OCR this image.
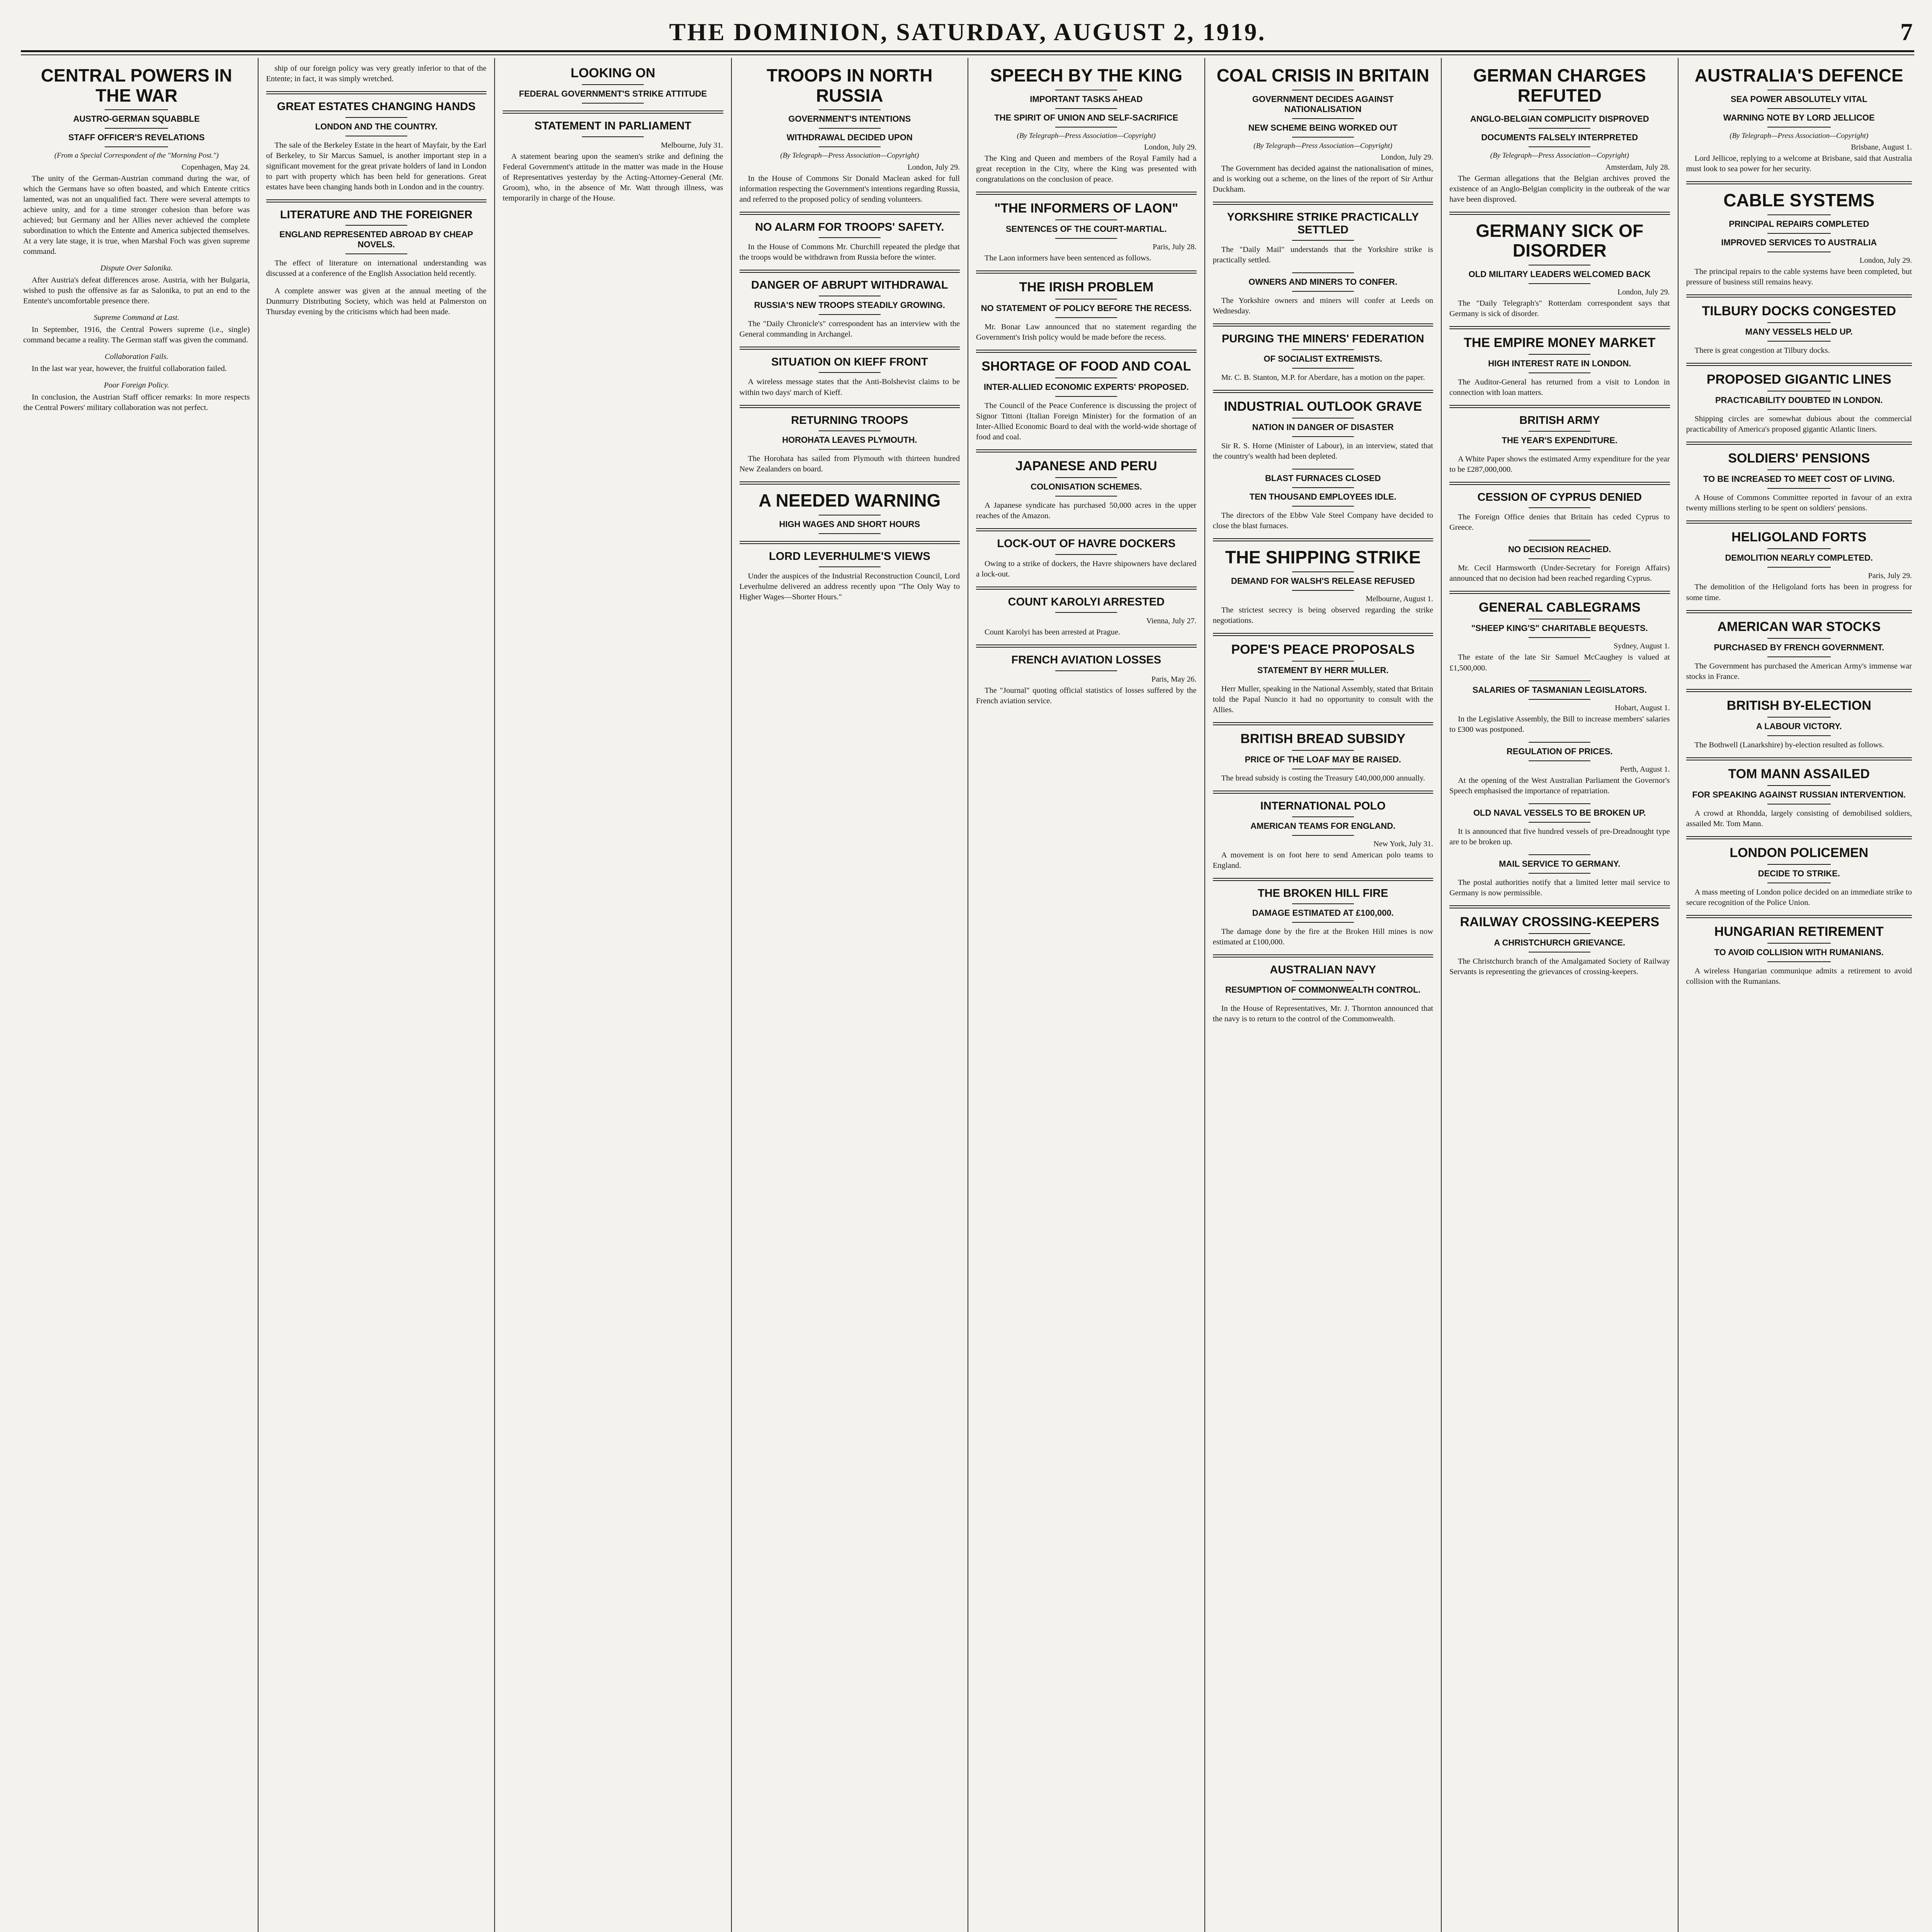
THE DOMINION, SATURDAY, AUGUST 2, 1919.	7
CENTRAL POWERS IN THE WAR
AUSTRO-GERMAN SQUABBLE
STAFF OFFICER'S REVELATIONS
(From a Special Correspondent of the "Morning Post.")
Copenhagen, May 24.

The unity of the German-Austrian command during the war, of which the Germans have so often boasted, and which Entente critics lamented, was not an unqualified fact. There were several attempts to achieve unity, and for a time stronger cohesion than before was achieved; but Germany and her Allies never achieved the complete subordination to which the Entente and America subjected themselves. At a very late stage, it is true, when Marshal Foch was given supreme command.

Dispute Over Salonika.

After Austria's defeat differences arose. Austria, with her Bulgaria, wished to push the offensive as far as Salonika, to put an end to the Entente's uncomfortable presence there.

Supreme Command at Last.

In September, 1916, the Central Powers supreme (i.e., single) command became a reality. The German staff was given the command.

Collaboration Fails.

In the last war year, however, the fruitful collaboration failed.

Poor Foreign Policy.

In conclusion, the Austrian Staff officer remarks: In more respects the Central Powers' military collaboration was not perfect.

ship of our foreign policy was very greatly inferior to that of the Entente; in fact, it was simply wretched.

GREAT ESTATES CHANGING HANDS
LONDON AND THE COUNTRY.

The sale of the Berkeley Estate in the heart of Mayfair, by the Earl of Berkeley, to Sir Marcus Samuel, is another important step in a significant movement for the great private holders of land in London to part with property which has been held for generations. Great estates have been changing hands both in London and in the country.

LITERATURE AND THE FOREIGNER
ENGLAND REPRESENTED ABROAD BY CHEAP NOVELS.

The effect of literature on international understanding was discussed at a conference of the English Association held recently.

A complete answer was given at the annual meeting of the Dunmurry Distributing Society, which was held at Palmerston on Thursday evening by the criticisms which had been made.

LOOKING ON
FEDERAL GOVERNMENT'S STRIKE ATTITUDE
STATEMENT IN PARLIAMENT
Melbourne, July 31.

A statement bearing upon the seamen's strike and defining the Federal Government's attitude in the matter was made in the House of Representatives yesterday by the Acting-Attorney-General (Mr. Groom), who, in the absence of Mr. Watt through illness, was temporarily in charge of the House.

TROOPS IN NORTH RUSSIA
GOVERNMENT'S INTENTIONS
WITHDRAWAL DECIDED UPON
(By Telegraph—Press Association—Copyright)
London, July 29.

In the House of Commons Sir Donald Maclean asked for full information respecting the Government's intentions regarding Russia, and referred to the proposed policy of sending volunteers.

NO ALARM FOR TROOPS' SAFETY.

In the House of Commons Mr. Churchill repeated the pledge that the troops would be withdrawn from Russia before the winter.

DANGER OF ABRUPT WITHDRAWAL
RUSSIA'S NEW TROOPS STEADILY GROWING.

The "Daily Chronicle's" correspondent has an interview with the General commanding in Archangel.

SITUATION ON KIEFF FRONT

A wireless message states that the Anti-Bolshevist claims to be within two days' march of Kieff.

RETURNING TROOPS
HOROHATA LEAVES PLYMOUTH.

The Horohata has sailed from Plymouth with thirteen hundred New Zealanders on board.

A NEEDED WARNING
HIGH WAGES AND SHORT HOURS
LORD LEVERHULME'S VIEWS

Under the auspices of the Industrial Reconstruction Council, Lord Leverhulme delivered an address recently upon "The Only Way to Higher Wages—Shorter Hours."

SPEECH BY THE KING
IMPORTANT TASKS AHEAD
THE SPIRIT OF UNION AND SELF-SACRIFICE
(By Telegraph—Press Association—Copyright)
London, July 29.

The King and Queen and members of the Royal Family had a great reception in the City, where the King was presented with congratulations on the conclusion of peace.

"THE INFORMERS OF LAON"
SENTENCES OF THE COURT-MARTIAL.
Paris, July 28.

The Laon informers have been sentenced as follows.

THE IRISH PROBLEM
NO STATEMENT OF POLICY BEFORE THE RECESS.

Mr. Bonar Law announced that no statement regarding the Government's Irish policy would be made before the recess.

SHORTAGE OF FOOD AND COAL
INTER-ALLIED ECONOMIC EXPERTS' PROPOSED.

The Council of the Peace Conference is discussing the project of Signor Tittoni (Italian Foreign Minister) for the formation of an Inter-Allied Economic Board to deal with the world-wide shortage of food and coal.

JAPANESE AND PERU
COLONISATION SCHEMES.

A Japanese syndicate has purchased 50,000 acres in the upper reaches of the Amazon.

LOCK-OUT OF HAVRE DOCKERS

Owing to a strike of dockers, the Havre shipowners have declared a lock-out.

COUNT KAROLYI ARRESTED
Vienna, July 27.

Count Karolyi has been arrested at Prague.

FRENCH AVIATION LOSSES
Paris, May 26.

The "Journal" quoting official statistics of losses suffered by the French aviation service.

COAL CRISIS IN BRITAIN
GOVERNMENT DECIDES AGAINST NATIONALISATION
NEW SCHEME BEING WORKED OUT
(By Telegraph—Press Association—Copyright)
London, July 29.

The Government has decided against the nationalisation of mines, and is working out a scheme, on the lines of the report of Sir Arthur Duckham.

YORKSHIRE STRIKE PRACTICALLY SETTLED

The "Daily Mail" understands that the Yorkshire strike is practically settled.

OWNERS AND MINERS TO CONFER.

The Yorkshire owners and miners will confer at Leeds on Wednesday.

PURGING THE MINERS' FEDERATION
OF SOCIALIST EXTREMISTS.

Mr. C. B. Stanton, M.P. for Aberdare, has a motion on the paper.

INDUSTRIAL OUTLOOK GRAVE
NATION IN DANGER OF DISASTER

Sir R. S. Horne (Minister of Labour), in an interview, stated that the country's wealth had been depleted.

BLAST FURNACES CLOSED
TEN THOUSAND EMPLOYEES IDLE.

The directors of the Ebbw Vale Steel Company have decided to close the blast furnaces.

THE SHIPPING STRIKE
DEMAND FOR WALSH'S RELEASE REFUSED
Melbourne, August 1.

The strictest secrecy is being observed regarding the strike negotiations.

POPE'S PEACE PROPOSALS
STATEMENT BY HERR MULLER.

Herr Muller, speaking in the National Assembly, stated that Britain told the Papal Nuncio it had no opportunity to consult with the Allies.

BRITISH BREAD SUBSIDY
PRICE OF THE LOAF MAY BE RAISED.

The bread subsidy is costing the Treasury £40,000,000 annually.

INTERNATIONAL POLO
AMERICAN TEAMS FOR ENGLAND.
New York, July 31.

A movement is on foot here to send American polo teams to England.

THE BROKEN HILL FIRE
DAMAGE ESTIMATED AT £100,000.

The damage done by the fire at the Broken Hill mines is now estimated at £100,000.

AUSTRALIAN NAVY
RESUMPTION OF COMMONWEALTH CONTROL.

In the House of Representatives, Mr. J. Thornton announced that the navy is to return to the control of the Commonwealth.

GERMAN CHARGES REFUTED
ANGLO-BELGIAN COMPLICITY DISPROVED
DOCUMENTS FALSELY INTERPRETED
(By Telegraph—Press Association—Copyright)
Amsterdam, July 28.

The German allegations that the Belgian archives proved the existence of an Anglo-Belgian complicity in the outbreak of the war have been disproved.

GERMANY SICK OF DISORDER
OLD MILITARY LEADERS WELCOMED BACK
London, July 29.

The "Daily Telegraph's" Rotterdam correspondent says that Germany is sick of disorder.

THE EMPIRE MONEY MARKET
HIGH INTEREST RATE IN LONDON.

The Auditor-General has returned from a visit to London in connection with loan matters.

BRITISH ARMY
THE YEAR'S EXPENDITURE.

A White Paper shows the estimated Army expenditure for the year to be £287,000,000.

CESSION OF CYPRUS DENIED

The Foreign Office denies that Britain has ceded Cyprus to Greece.

NO DECISION REACHED.

Mr. Cecil Harmsworth (Under-Secretary for Foreign Affairs) announced that no decision had been reached regarding Cyprus.

GENERAL CABLEGRAMS
"SHEEP KING'S" CHARITABLE BEQUESTS.
Sydney, August 1.

The estate of the late Sir Samuel McCaughey is valued at £1,500,000.

SALARIES OF TASMANIAN LEGISLATORS.
Hobart, August 1.

In the Legislative Assembly, the Bill to increase members' salaries to £300 was postponed.

REGULATION OF PRICES.
Perth, August 1.

At the opening of the West Australian Parliament the Governor's Speech emphasised the importance of repatriation.

OLD NAVAL VESSELS TO BE BROKEN UP.

It is announced that five hundred vessels of pre-Dreadnought type are to be broken up.

MAIL SERVICE TO GERMANY.

The postal authorities notify that a limited letter mail service to Germany is now permissible.

RAILWAY CROSSING-KEEPERS
A CHRISTCHURCH GRIEVANCE.

The Christchurch branch of the Amalgamated Society of Railway Servants is representing the grievances of crossing-keepers.

AUSTRALIA'S DEFENCE
SEA POWER ABSOLUTELY VITAL
WARNING NOTE BY LORD JELLICOE
(By Telegraph—Press Association—Copyright)
Brisbane, August 1.

Lord Jellicoe, replying to a welcome at Brisbane, said that Australia must look to sea power for her security.

CABLE SYSTEMS
PRINCIPAL REPAIRS COMPLETED
IMPROVED SERVICES TO AUSTRALIA
London, July 29.

The principal repairs to the cable systems have been completed, but pressure of business still remains heavy.

TILBURY DOCKS CONGESTED
MANY VESSELS HELD UP.

There is great congestion at Tilbury docks.

PROPOSED GIGANTIC LINES
PRACTICABILITY DOUBTED IN LONDON.

Shipping circles are somewhat dubious about the commercial practicability of America's proposed gigantic Atlantic liners.

SOLDIERS' PENSIONS
TO BE INCREASED TO MEET COST OF LIVING.

A House of Commons Committee reported in favour of an extra twenty millions sterling to be spent on soldiers' pensions.

HELIGOLAND FORTS
DEMOLITION NEARLY COMPLETED.
Paris, July 29.

The demolition of the Heligoland forts has been in progress for some time.

AMERICAN WAR STOCKS
PURCHASED BY FRENCH GOVERNMENT.

The Government has purchased the American Army's immense war stocks in France.

BRITISH BY-ELECTION
A LABOUR VICTORY.

The Bothwell (Lanarkshire) by-election resulted as follows.

TOM MANN ASSAILED
FOR SPEAKING AGAINST RUSSIAN INTERVENTION.

A crowd at Rhondda, largely consisting of demobilised soldiers, assailed Mr. Tom Mann.

LONDON POLICEMEN
DECIDE TO STRIKE.

A mass meeting of London police decided on an immediate strike to secure recognition of the Police Union.

HUNGARIAN RETIREMENT
TO AVOID COLLISION WITH RUMANIANS.

A wireless Hungarian communique admits a retirement to avoid collision with the Rumanians.
